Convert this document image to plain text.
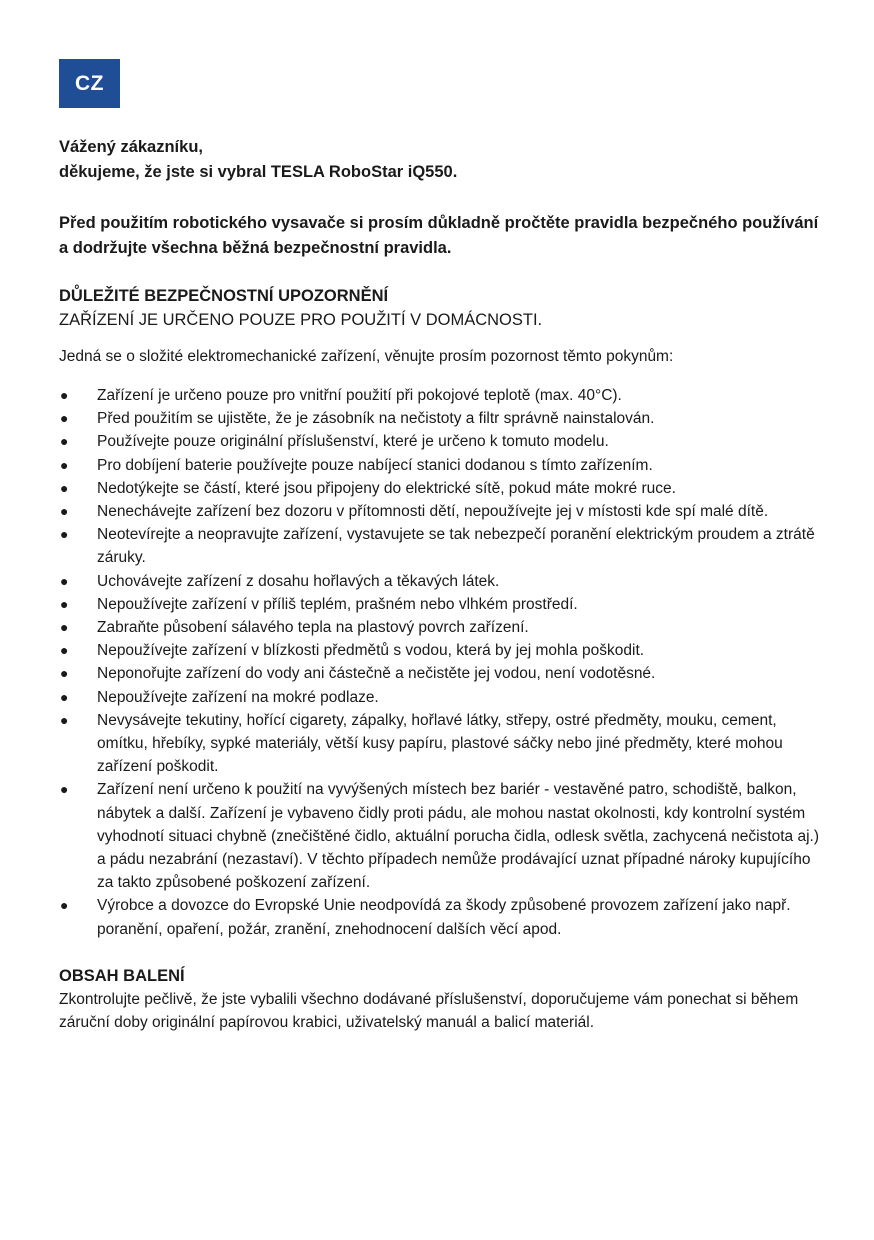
CZ
Vážený zákazníku,
děkujeme, že jste si vybral TESLA RoboStar iQ550.
Před použitím robotického vysavače si prosím důkladně pročtěte pravidla bezpečného používání a dodržujte všechna běžná bezpečnostní pravidla.
DŮLEŽITÉ BEZPEČNOSTNÍ UPOZORNĚNÍ
ZAŘÍZENÍ JE URČENO POUZE PRO POUŽITÍ V DOMÁCNOSTI.
Jedná se o složité elektromechanické zařízení, věnujte prosím pozornost těmto pokynům:
● Zařízení je určeno pouze pro vnitřní použití při pokojové teplotě (max. 40°C).
● Před použitím se ujistěte, že je zásobník na nečistoty a filtr správně nainstalován.
● Používejte pouze originální příslušenství, které je určeno k tomuto modelu.
● Pro dobíjení baterie používejte pouze nabíjecí stanici dodanou s tímto zařízením.
● Nedotýkejte se částí, které jsou připojeny do elektrické sítě, pokud máte mokré ruce.
● Nenechávejte zařízení bez dozoru v přítomnosti dětí, nepoužívejte jej v místosti kde spí malé dítě.
● Neotevírejte a neopravujte zařízení, vystavujete se tak nebezpečí poranění elektrickým proudem a ztrátě záruky.
● Uchovávejte zařízení z dosahu hořlavých a těkavých látek.
● Nepoužívejte zařízení v příliš teplém, prašném nebo vlhkém prostředí.
● Zabraňte působení sálavého tepla na plastový povrch zařízení.
● Nepoužívejte zařízení v blízkosti předmětů s vodou, která by jej mohla poškodit.
● Neponořujte zařízení do vody ani částečně a nečistěte jej vodou, není vodotěsné.
● Nepoužívejte zařízení na mokré podlaze.
● Nevysávejte tekutiny, hořící cigarety, zápalky, hořlavé látky, střepy, ostré předměty, mouku, cement, omítku, hřebíky, sypké materiály, větší kusy papíru, plastové sáčky nebo jiné předměty, které mohou zařízení poškodit.
● Zařízení není určeno k použití na vyvýšených místech bez bariér - vestavěné patro, schodiště, balkon, nábytek a další. Zařízení je vybaveno čidly proti pádu, ale mohou nastat okolnosti, kdy kontrolní systém vyhodnotí situaci chybně (znečištěné čidlo, aktuální porucha čidla, odlesk světla, zachycená nečistota aj.) a pádu nezabrání (nezastaví). V těchto případech nemůže prodávající uznat případné nároky kupujícího za takto způsobené poškození zařízení.
● Výrobce a dovozce do Evropské Unie neodpovídá za škody způsobené provozem zařízení jako např. poranění, opaření, požár, zranění, znehodnocení dalších věcí apod.
OBSAH BALENÍ
Zkontrolujte pečlivě, že jste vybalili všechno dodávané příslušenství, doporučujeme vám ponechat si během záruční doby originální papírovou krabici, uživatelský manuál a balicí materiál.
